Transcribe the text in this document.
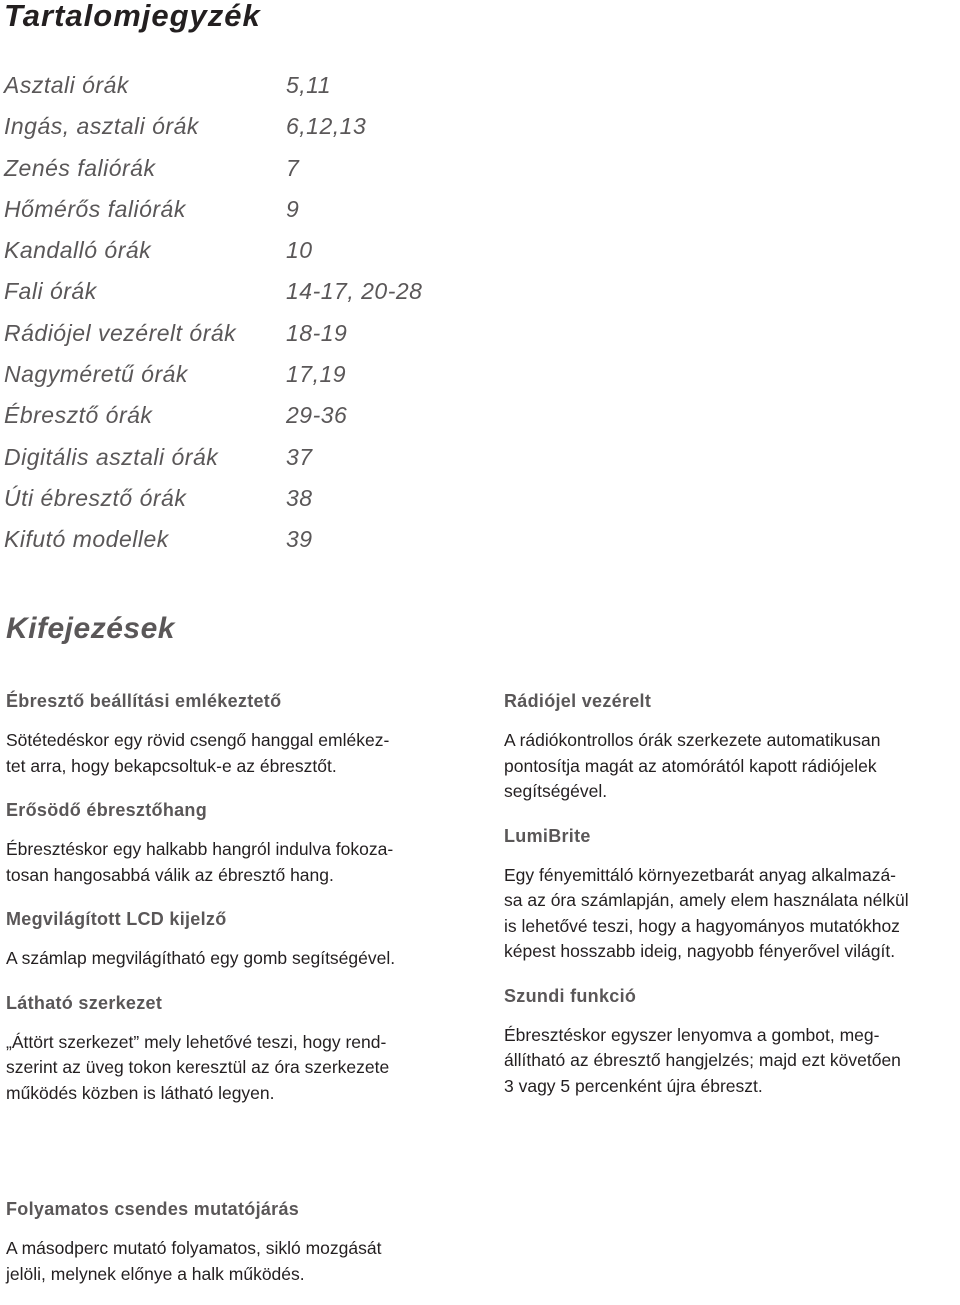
Tartalomjegyzék
Asztali órák	5,11
Ingás, asztali órák	6,12,13
Zenés faliórák	7
Hőmérős faliórák	9
Kandalló órák	10
Fali órák	14-17, 20-28
Rádiójel vezérelt órák 18-19
Nagyméretű órák	17,19
Ébresztő órák	29-36
Digitális asztali órák	37
Úti ébresztő órák	38
Kifutó modellek	39
Kifejezések

Ébresztő beállítási emlékeztető

Sötétedéskor egy rövid csengő hanggal emlékez-
tet arra, hogy bekapcsoltuk-e az ébresztőt.

Erősödő ébresztőhang

Ébresztéskor egy halkabb hangról indulva fokoza-
tosan hangosabbá válik az ébresztő hang.

Megvilágított LCD kijelző

A számlap megvilágítható egy gomb segítségével.

Látható szerkezet

„Áttört szerkezet” mely lehetővé teszi, hogy rend-
szerint az üveg tokon keresztül az óra szerkezete
működés közben is látható legyen.

Rádiójel vezérelt

A rádiókontrollos órák szerkezete automatikusan
pontosítja magát az atomórától kapott rádiójelek
segítségével.

LumiBrite

Egy fényemittáló környezetbarát anyag alkalmazá-
sa az óra számlapján, amely elem használata nélkül
is lehetővé teszi, hogy a hagyományos mutatókhoz
képest hosszabb ideig, nagyobb fényerővel világít.

Szundi funkció

Ébresztéskor egyszer lenyomva a gombot, meg-
állítható az ébresztő hangjelzés; majd ezt követően
3 vagy 5 percenként újra ébreszt.

Folyamatos csendes mutatójárás

A másodperc mutató folyamatos, sikló mozgását
jelöli, melynek előnye a halk működés.
